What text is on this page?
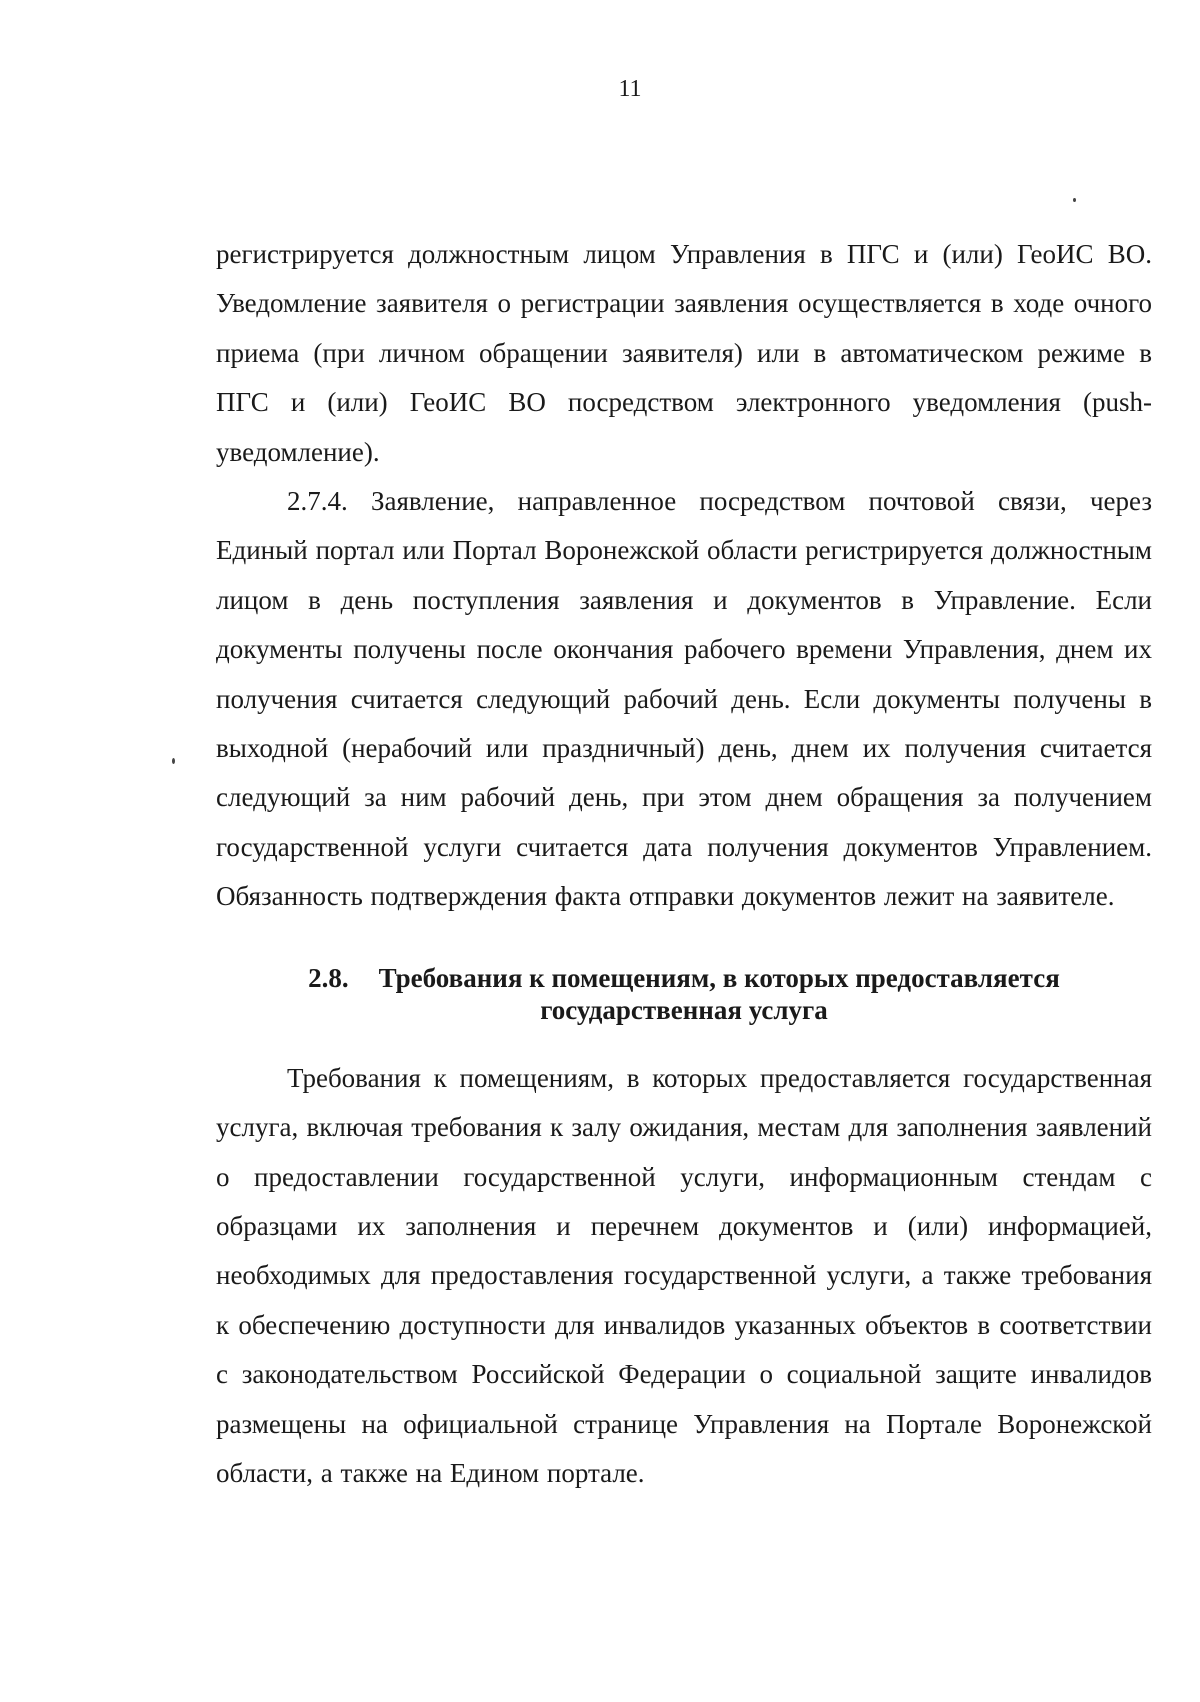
11

регистрируется должностным лицом Управления в ПГС и (или) ГеоИС ВО. Уведомление заявителя о регистрации заявления осуществляется в ходе очного приема (при личном обращении заявителя) или в автоматическом режиме в ПГС и (или) ГеоИС ВО посредством электронного уведомления (push-уведомление).

2.7.4. Заявление, направленное посредством почтовой связи, через Единый портал или Портал Воронежской области регистрируется должностным лицом в день поступления заявления и документов в Управление. Если документы получены после окончания рабочего времени Управления, днем их получения считается следующий рабочий день. Если документы получены в выходной (нерабочий или праздничный) день, днем их получения считается следующий за ним рабочий день, при этом днем обращения за получением государственной услуги считается дата получения документов Управлением. Обязанность подтверждения факта отправки документов лежит на заявителе.

2.8. Требования к помещениям, в которых предоставляется
государственная услуга

Требования к помещениям, в которых предоставляется государственная услуга, включая требования к залу ожидания, местам для заполнения заявлений о предоставлении государственной услуги, информационным стендам с образцами их заполнения и перечнем документов и (или) информацией, необходимых для предоставления государственной услуги, а также требования к обеспечению доступности для инвалидов указанных объектов в соответствии с законодательством Российской Федерации о социальной защите инвалидов размещены на официальной странице Управления на Портале Воронежской области, а также на Едином портале.
